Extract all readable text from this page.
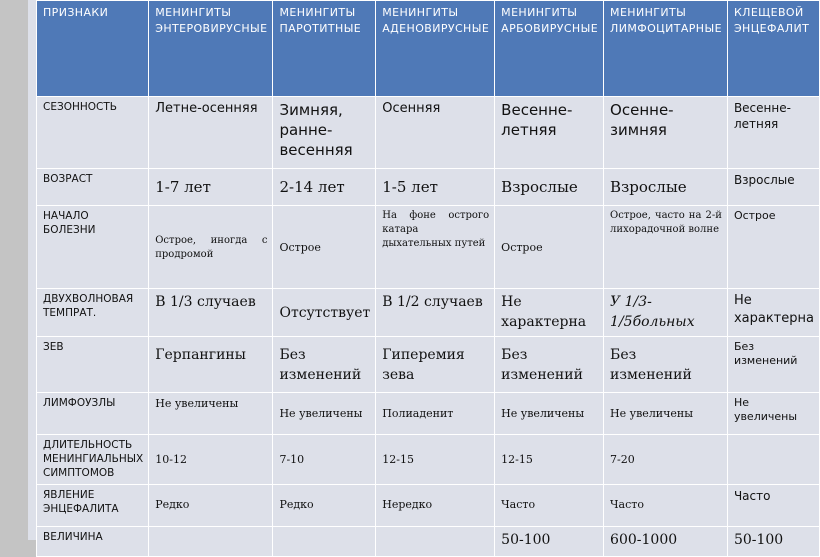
ПРИЗНАКИ	МЕНИНГИТЫ ЭНТЕРОВИРУСНЫЕ	МЕНИНГИТЫ ПАРОТИТНЫЕ	МЕНИНГИТЫ АДЕНОВИРУСНЫЕ	МЕНИНГИТЫ АРБОВИРУСНЫЕ	МЕНИНГИТЫ ЛИМФОЦИТАРНЫЕ	КЛЕЩЕВОЙ ЭНЦЕФАЛИТ
СЕЗОННОСТЬ	Летне-осенняя	Зимняя, ранне-весенняя	Осенняя	Весенне-летняя	Осенне-зимняя	Весенне-летняя
ВОЗРАСТ	1-7 лет	2-14 лет	1-5 лет	Взрослые	Взрослые	Взрослые
НАЧАЛО БОЛЕЗНИ	Острое, иногда с продромой	Острое	На фоне острого катара дыхательных путей	Острое	Острое, часто на 2-й лихорадочной волне	Острое
ДВУХВОЛНОВАЯ ТЕМПРАТ.	В 1/3 случаев	Отсутствует	В 1/2 случаев	Не характерна	У 1/3-1/5больных	Не характерна
ЗЕВ	Герпангины	Без изменений	Гиперемия зева	Без изменений	Без изменений	Без изменений
ЛИМФОУЗЛЫ	Не увеличены	Не увеличены	Полиаденит	Не увеличены	Не увеличены	Не увеличены
ДЛИТЕЛЬНОСТЬ МЕНИНГИАЛЬНЫХ СИМПТОМОВ	10-12	7-10	12-15	12-15	7-20	
ЯВЛЕНИЕ ЭНЦЕФАЛИТА	Редко	Редко	Нередко	Часто	Часто	Часто
ВЕЛИЧИНА				50-100	600-1000	50-100
